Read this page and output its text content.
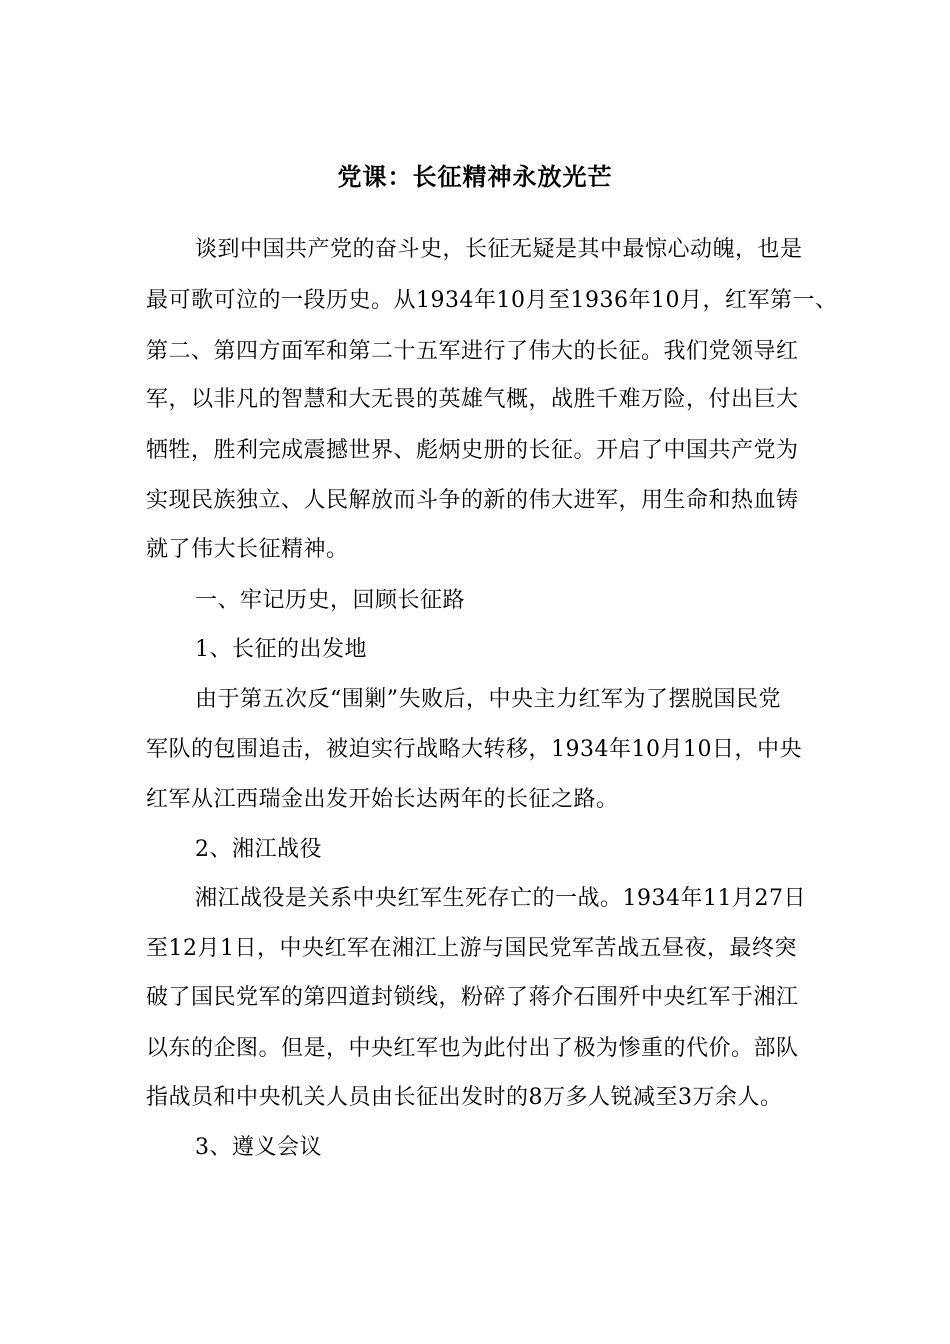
党课：长征精神永放光芒
谈到中国共产党的奋斗史，长征无疑是其中最惊心动魄，也是
最可歌可泣的一段历史。从1934年10月至1936年10月，红军第一、
第二、第四方面军和第二十五军进行了伟大的长征。我们党领导红
军，以非凡的智慧和大无畏的英雄气概，战胜千难万险，付出巨大
牺牲，胜利完成震撼世界、彪炳史册的长征。开启了中国共产党为
实现民族独立、人民解放而斗争的新的伟大进军，用生命和热血铸
就了伟大长征精神。
一、牢记历史，回顾长征路
1、长征的出发地
由于第五次反“围剿”失败后，中央主力红军为了摆脱国民党
军队的包围追击，被迫实行战略大转移，1934年10月10日，中央
红军从江西瑞金出发开始长达两年的长征之路。
2、湘江战役
湘江战役是关系中央红军生死存亡的一战。1934年11月27日
至12月1日，中央红军在湘江上游与国民党军苦战五昼夜，最终突
破了国民党军的第四道封锁线，粉碎了蒋介石围歼中央红军于湘江
以东的企图。但是，中央红军也为此付出了极为惨重的代价。部队
指战员和中央机关人员由长征出发时的8万多人锐减至3万余人。
3、遵义会议
